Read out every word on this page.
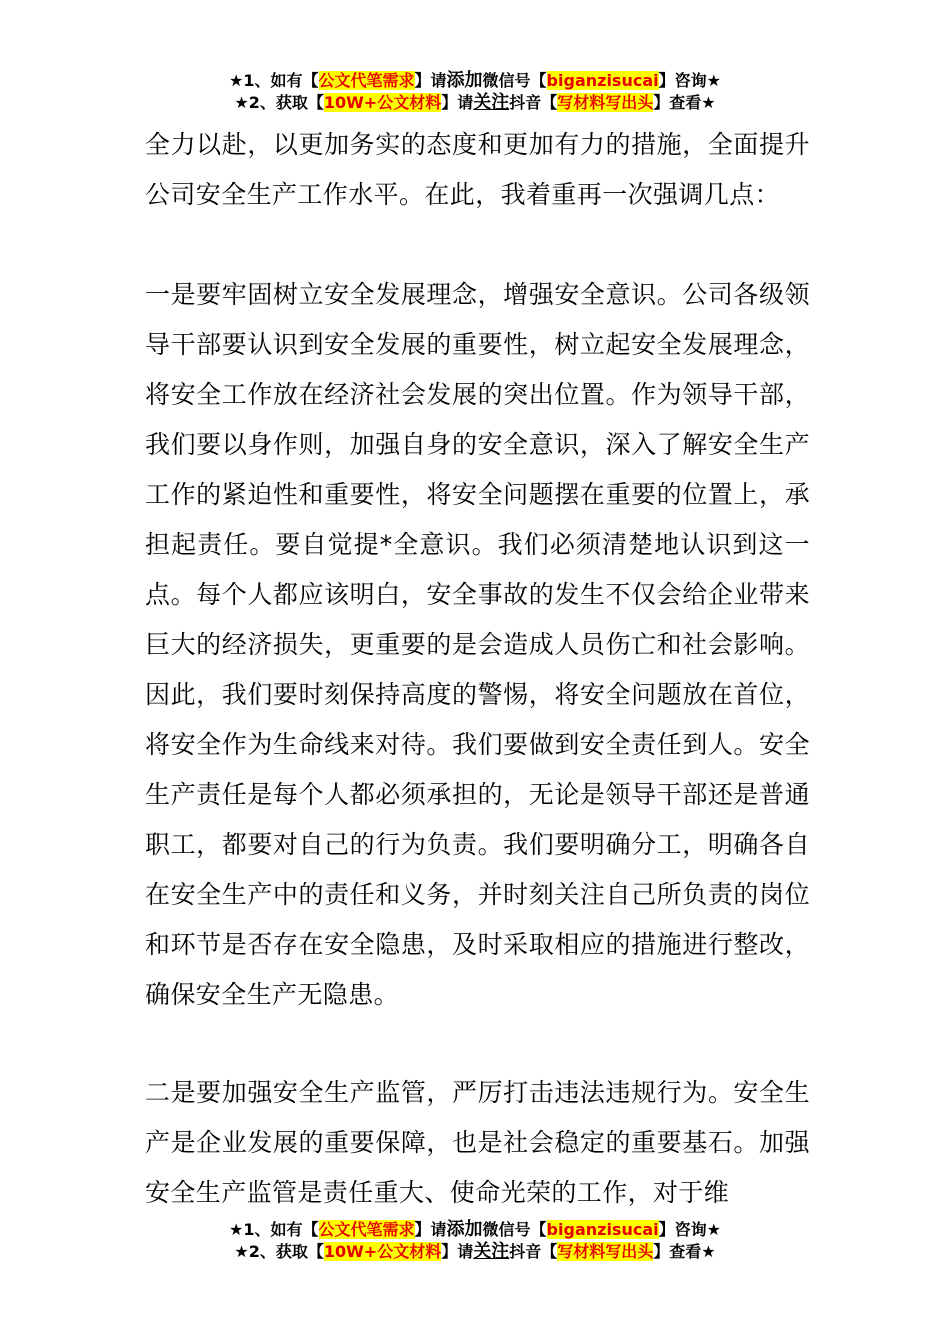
★1、如有【公文代笔需求】请添加微信号【biganzisucai】咨询★
★2、获取【10W+公文材料】请关注抖音【写材料写出头】查看★

全力以赴，以更加务实的态度和更加有力的措施，全面提升公司安全生产工作水平。在此，我着重再一次强调几点：

一是要牢固树立安全发展理念，增强安全意识。公司各级领导干部要认识到安全发展的重要性，树立起安全发展理念，将安全工作放在经济社会发展的突出位置。作为领导干部，我们要以身作则，加强自身的安全意识，深入了解安全生产工作的紧迫性和重要性，将安全问题摆在重要的位置上，承担起责任。要自觉提*全意识。我们必须清楚地认识到这一点。每个人都应该明白，安全事故的发生不仅会给企业带来巨大的经济损失，更重要的是会造成人员伤亡和社会影响。因此，我们要时刻保持高度的警惕，将安全问题放在首位，将安全作为生命线来对待。我们要做到安全责任到人。安全生产责任是每个人都必须承担的，无论是领导干部还是普通职工，都要对自己的行为负责。我们要明确分工，明确各自在安全生产中的责任和义务，并时刻关注自己所负责的岗位和环节是否存在安全隐患，及时采取相应的措施进行整改，确保安全生产无隐患。

二是要加强安全生产监管，严厉打击违法违规行为。安全生产是企业发展的重要保障，也是社会稳定的重要基石。加强安全生产监管是责任重大、使命光荣的工作，对于维

★1、如有【公文代笔需求】请添加微信号【biganzisucai】咨询★
★2、获取【10W+公文材料】请关注抖音【写材料写出头】查看★
